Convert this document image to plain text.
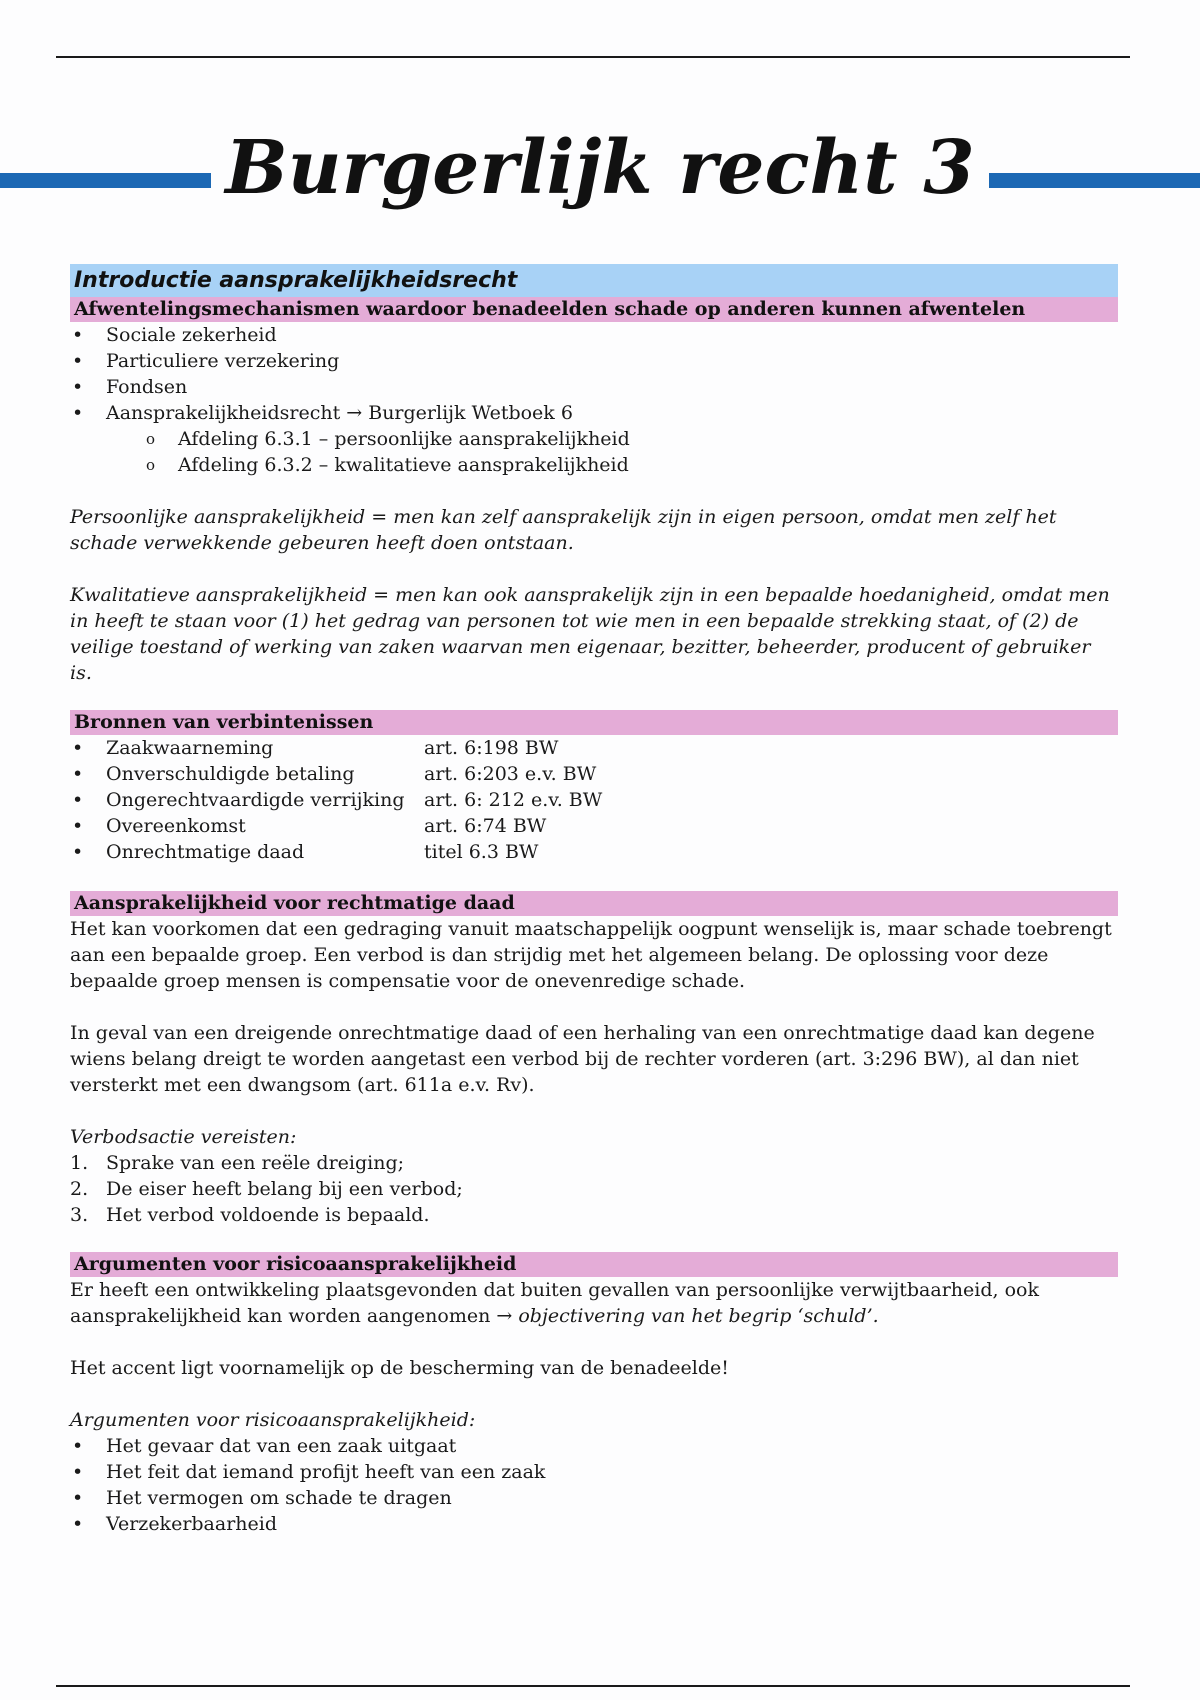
Burgerlijk recht 3
Introductie aansprakelijkheidsrecht
Afwentelingsmechanismen waardoor benadeelden schade op anderen kunnen afwentelen
• Sociale zekerheid
• Particuliere verzekering
• Fondsen
• Aansprakelijkheidsrecht → Burgerlijk Wetboek 6
o Afdeling 6.3.1 – persoonlijke aansprakelijkheid
o Afdeling 6.3.2 – kwalitatieve aansprakelijkheid

Persoonlijke aansprakelijkheid = men kan zelf aansprakelijk zijn in eigen persoon, omdat men zelf het schade verwekkende gebeuren heeft doen ontstaan.

Kwalitatieve aansprakelijkheid = men kan ook aansprakelijk zijn in een bepaalde hoedanigheid, omdat men in heeft te staan voor (1) het gedrag van personen tot wie men in een bepaalde strekking staat, of (2) de veilige toestand of werking van zaken waarvan men eigenaar, bezitter, beheerder, producent of gebruiker is.

Bronnen van verbintenissen
• Zaakwaarneming	art. 6:198 BW
• Onverschuldigde betaling	art. 6:203 e.v. BW
• Ongerechtvaardigde verrijking art. 6: 212 e.v. BW
• Overeenkomst	art. 6:74 BW
• Onrechtmatige daad	titel 6.3 BW
Aansprakelijkheid voor rechtmatige daad

Het kan voorkomen dat een gedraging vanuit maatschappelijk oogpunt wenselijk is, maar schade toebrengt aan een bepaalde groep. Een verbod is dan strijdig met het algemeen belang. De oplossing voor deze bepaalde groep mensen is compensatie voor de onevenredige schade.

In geval van een dreigende onrechtmatige daad of een herhaling van een onrechtmatige daad kan degene wiens belang dreigt te worden aangetast een verbod bij de rechter vorderen (art. 3:296 BW), al dan niet versterkt met een dwangsom (art. 611a e.v. Rv).

Verbodsactie vereisten:

1. Sprake van een reële dreiging;
2. De eiser heeft belang bij een verbod;
3. Het verbod voldoende is bepaald.
Argumenten voor risicoaansprakelijkheid

Er heeft een ontwikkeling plaatsgevonden dat buiten gevallen van persoonlijke verwijtbaarheid, ook aansprakelijkheid kan worden aangenomen → objectivering van het begrip ‘schuld’.

Het accent ligt voornamelijk op de bescherming van de benadeelde!

Argumenten voor risicoaansprakelijkheid:

• Het gevaar dat van een zaak uitgaat
• Het feit dat iemand profijt heeft van een zaak
• Het vermogen om schade te dragen
• Verzekerbaarheid
